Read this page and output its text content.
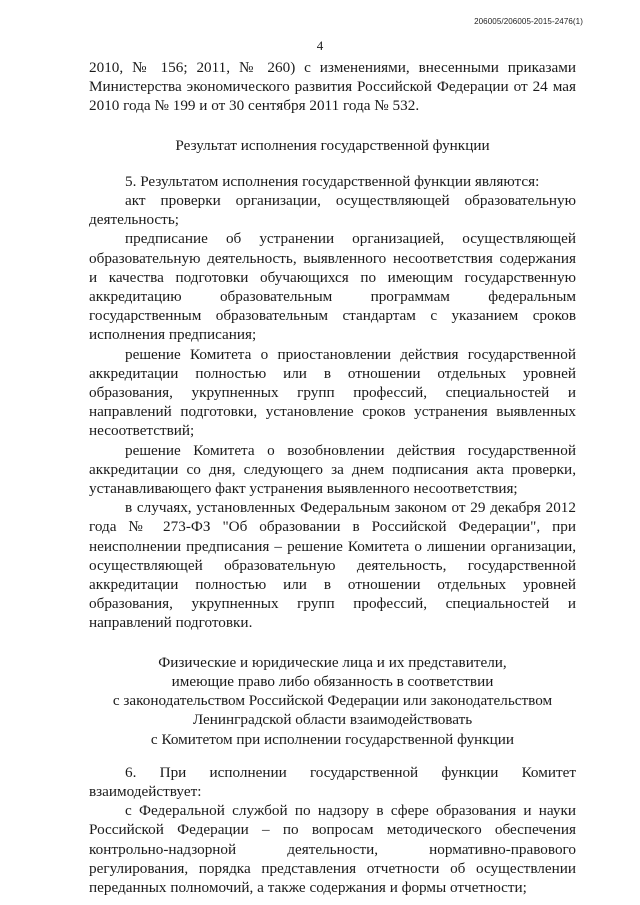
206005/206005-2015-2476(1)
4

2010, № 156; 2011, № 260) с изменениями, внесенными приказами Министерства экономического развития Российской Федерации от 24 мая 2010 года № 199 и от 30 сентября 2011 года № 532.

Результат исполнения государственной функции

5. Результатом исполнения государственной функции являются:

акт проверки организации, осуществляющей образовательную деятельность;

предписание об устранении организацией, осуществляющей образовательную деятельность, выявленного несоответствия содержания и качества подготовки обучающихся по имеющим государственную аккредитацию образовательным программам федеральным государственным образовательным стандартам с указанием сроков исполнения предписания;

решение Комитета о приостановлении действия государственной аккредитации полностью или в отношении отдельных уровней образования, укрупненных групп профессий, специальностей и направлений подготовки, установление сроков устранения выявленных несоответствий;

решение Комитета о возобновлении действия государственной аккредитации со дня, следующего за днем подписания акта проверки, устанавливающего факт устранения выявленного несоответствия;

в случаях, установленных Федеральным законом от 29 декабря 2012 года № 273-ФЗ "Об образовании в Российской Федерации", при неисполнении предписания – решение Комитета о лишении организации, осуществляющей образовательную деятельность, государственной аккредитации полностью или в отношении отдельных уровней образования, укрупненных групп профессий, специальностей и направлений подготовки.

Физические и юридические лица и их представители,
имеющие право либо обязанность в соответствии
с законодательством Российской Федерации или законодательством
Ленинградской области взаимодействовать
с Комитетом при исполнении государственной функции

6. При исполнении государственной функции Комитет взаимодействует:

с Федеральной службой по надзору в сфере образования и науки Российской Федерации – по вопросам методического обеспечения контрольно-надзорной деятельности, нормативно-правового регулирования, порядка представления отчетности об осуществлении переданных полномочий, а также содержания и формы отчетности;
